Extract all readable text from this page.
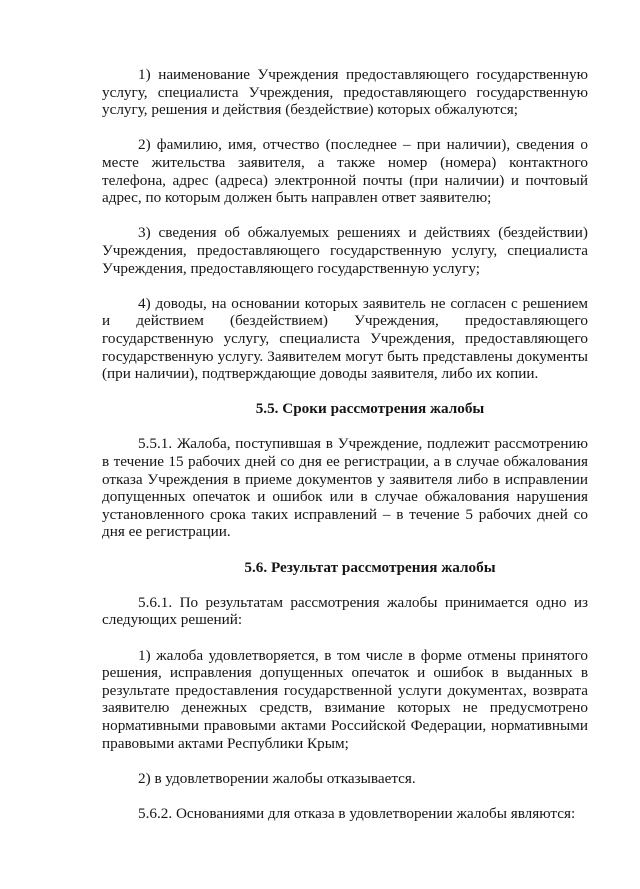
1) наименование Учреждения предоставляющего государственную услугу, специалиста Учреждения, предоставляющего государственную услугу, решения и действия (бездействие) которых обжалуются;

2) фамилию, имя, отчество (последнее – при наличии), сведения о месте жительства заявителя, а также номер (номера) контактного телефона, адрес (адреса) электронной почты (при наличии) и почтовый адрес, по которым должен быть направлен ответ заявителю;

3) сведения об обжалуемых решениях и действиях (бездействии) Учреждения, предоставляющего государственную услугу, специалиста Учреждения, предоставляющего государственную услугу;

4) доводы, на основании которых заявитель не согласен с решением и действием (бездействием) Учреждения, предоставляющего государственную услугу, специалиста Учреждения, предоставляющего государственную услугу. Заявителем могут быть представлены документы (при наличии), подтверждающие доводы заявителя, либо их копии.

5.5. Сроки рассмотрения жалобы

5.5.1. Жалоба, поступившая в Учреждение, подлежит рассмотрению в течение 15 рабочих дней со дня ее регистрации, а в случае обжалования отказа Учреждения в приеме документов у заявителя либо в исправлении допущенных опечаток и ошибок или в случае обжалования нарушения установленного срока таких исправлений – в течение 5 рабочих дней со дня ее регистрации.

5.6. Результат рассмотрения жалобы

5.6.1. По результатам рассмотрения жалобы принимается одно из следующих решений:

1) жалоба удовлетворяется, в том числе в форме отмены принятого решения, исправления допущенных опечаток и ошибок в выданных в результате предоставления государственной услуги документах, возврата заявителю денежных средств, взимание которых не предусмотрено нормативными правовыми актами Российской Федерации, нормативными правовыми актами Республики Крым;

2) в удовлетворении жалобы отказывается.

5.6.2. Основаниями для отказа в удовлетворении жалобы являются:
